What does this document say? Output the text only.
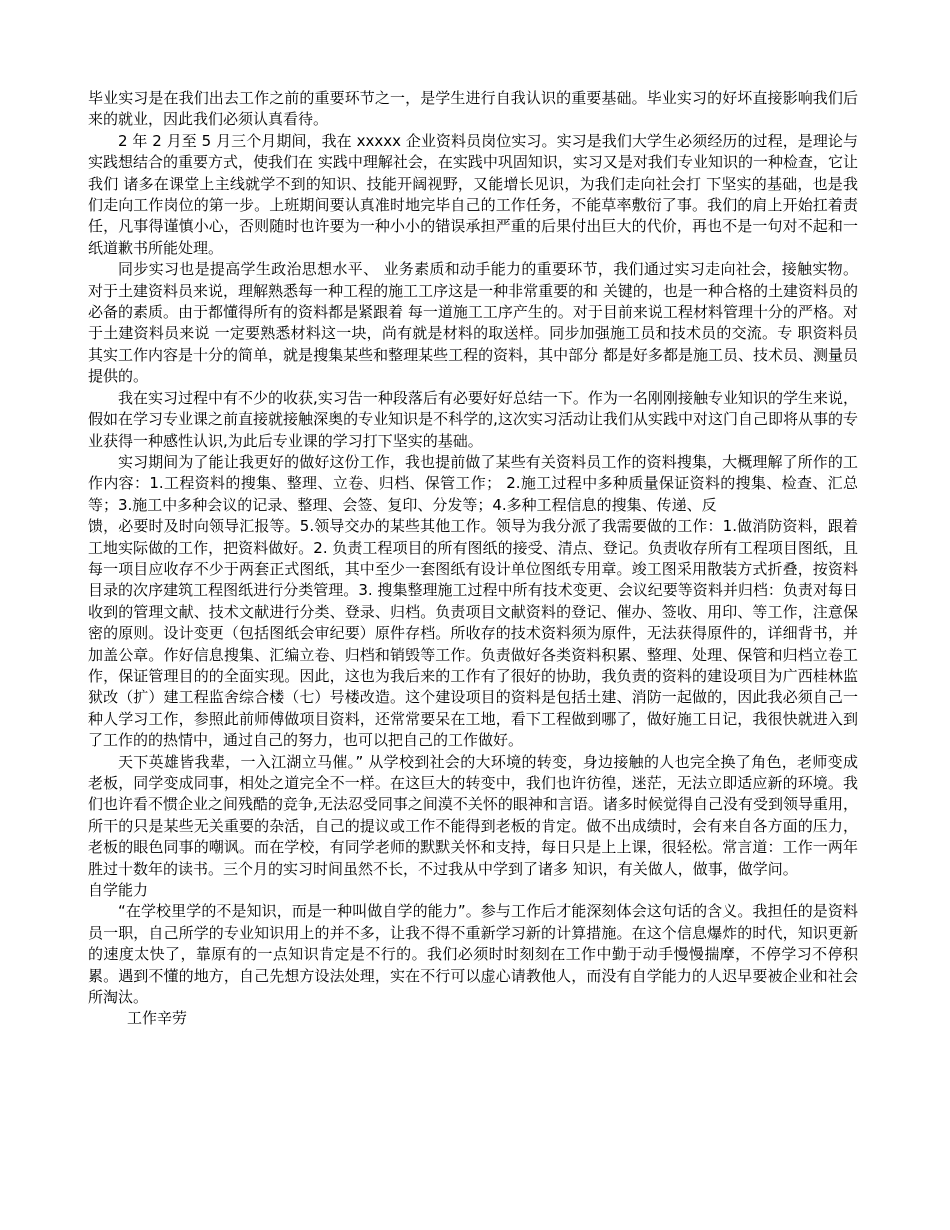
毕业实习是在我们出去工作之前的重要环节之一，是学生进行自我认识的重要基础。毕业实习的好坏直接影响我们后来的就业，因此我们必须认真看待。

2 年 2 月至 5 月三个月期间，我在 xxxxx 企业资料员岗位实习。实习是我们大学生必须经历的过程，是理论与实践想结合的重要方式，使我们在 实践中理解社会，在实践中巩固知识，实习又是对我们专业知识的一种检查，它让我们 诸多在课堂上主线就学不到的知识、技能开阔视野，又能增长见识，为我们走向社会打 下坚实的基础，也是我们走向工作岗位的第一步。上班期间要认真准时地完毕自己的工作任务，不能草率敷衍了事。我们的肩上开始扛着责任，凡事得谨慎小心，否则随时也许要为一种小小的错误承担严重的后果付出巨大的代价，再也不是一句对不起和一纸道歉书所能处理。

同步实习也是提高学生政治思想水平、 业务素质和动手能力的重要环节，我们通过实习走向社会，接触实物。 对于土建资料员来说，理解熟悉每一种工程的施工工序这是一种非常重要的和 关键的，也是一种合格的土建资料员的必备的素质。由于都懂得所有的资料都是紧跟着 每一道施工工序产生的。对于目前来说工程材料管理十分的严格。对于土建资料员来说 一定要熟悉材料这一块，尚有就是材料的取送样。同步加强施工员和技术员的交流。专 职资料员其实工作内容是十分的简单，就是搜集某些和整理某些工程的资料，其中部分 都是好多都是施工员、技术员、测量员提供的。

我在实习过程中有不少的收获,实习告一种段落后有必要好好总结一下。作为一名刚刚接触专业知识的学生来说，假如在学习专业课之前直接就接触深奥的专业知识是不科学的,这次实习活动让我们从实践中对这门自己即将从事的专业获得一种感性认识,为此后专业课的学习打下坚实的基础。

实习期间为了能让我更好的做好这份工作，我也提前做了某些有关资料员工作的资料搜集，大概理解了所作的工作内容：1.工程资料的搜集、整理、立卷、归档、保管工作； 2.施工过程中多种质量保证资料的搜集、检查、汇总等；3.施工中多种会议的记录、整理、会签、复印、分发等；4.多种工程信息的搜集、传递、反

馈，必要时及时向领导汇报等。5.领导交办的某些其他工作。领导为我分派了我需要做的工作：1.做消防资料，跟着工地实际做的工作，把资料做好。2. 负责工程项目的所有图纸的接受、清点、登记。负责收存所有工程项目图纸，且每一项目应收存不少于两套正式图纸，其中至少一套图纸有设计单位图纸专用章。竣工图采用散装方式折叠，按资料目录的次序建筑工程图纸进行分类管理。3. 搜集整理施工过程中所有技术变更、会议纪要等资料并归档：负责对每日收到的管理文献、技术文献进行分类、登录、归档。负责项目文献资料的登记、催办、签收、用印、等工作，注意保密的原则。设计变更（包括图纸会审纪要）原件存档。所收存的技术资料须为原件，无法获得原件的，详细背书，并加盖公章。作好信息搜集、汇编立卷、归档和销毁等工作。负责做好各类资料积累、整理、处理、保管和归档立卷工作，保证管理目的的全面实现。因此，这也为我后来的工作有了很好的协助，我负责的资料的建设项目为广西桂林监狱改（扩）建工程监舍综合楼（七）号楼改造。这个建设项目的资料是包括土建、消防一起做的，因此我必须自己一种人学习工作，参照此前师傅做项目资料，还常常要呆在工地，看下工程做到哪了，做好施工日记，我很快就进入到了工作的的热情中，通过自己的努力，也可以把自己的工作做好。

天下英雄皆我辈，一入江湖立马催。” 从学校到社会的大环境的转变，身边接触的人也完全换了角色，老师变成老板，同学变成同事，相处之道完全不一样。在这巨大的转变中，我们也许彷徨，迷茫，无法立即适应新的环境。我们也许看不惯企业之间残酷的竞争,无法忍受同事之间漠不关怀的眼神和言语。诸多时候觉得自己没有受到领导重用，所干的只是某些无关重要的杂活，自己的提议或工作不能得到老板的肯定。做不出成绩时，会有来自各方面的压力，老板的眼色同事的嘲讽。而在学校，有同学老师的默默关怀和支持，每日只是上上课，很轻松。常言道：工作一两年胜过十数年的读书。三个月的实习时间虽然不长，不过我从中学到了诸多 知识，有关做人，做事，做学问。

自学能力

“在学校里学的不是知识，而是一种叫做自学的能力”。参与工作后才能深刻体会这句话的含义。我担任的是资料员一职，自己所学的专业知识用上的并不多，让我不得不重新学习新的计算措施。在这个信息爆炸的时代，知识更新的速度太快了，靠原有的一点知识肯定是不行的。我们必须时时刻刻在工作中勤于动手慢慢揣摩，不停学习不停积累。遇到不懂的地方，自己先想方设法处理，实在不行可以虚心请教他人，而没有自学能力的人迟早要被企业和社会所淘汰。

工作辛劳
